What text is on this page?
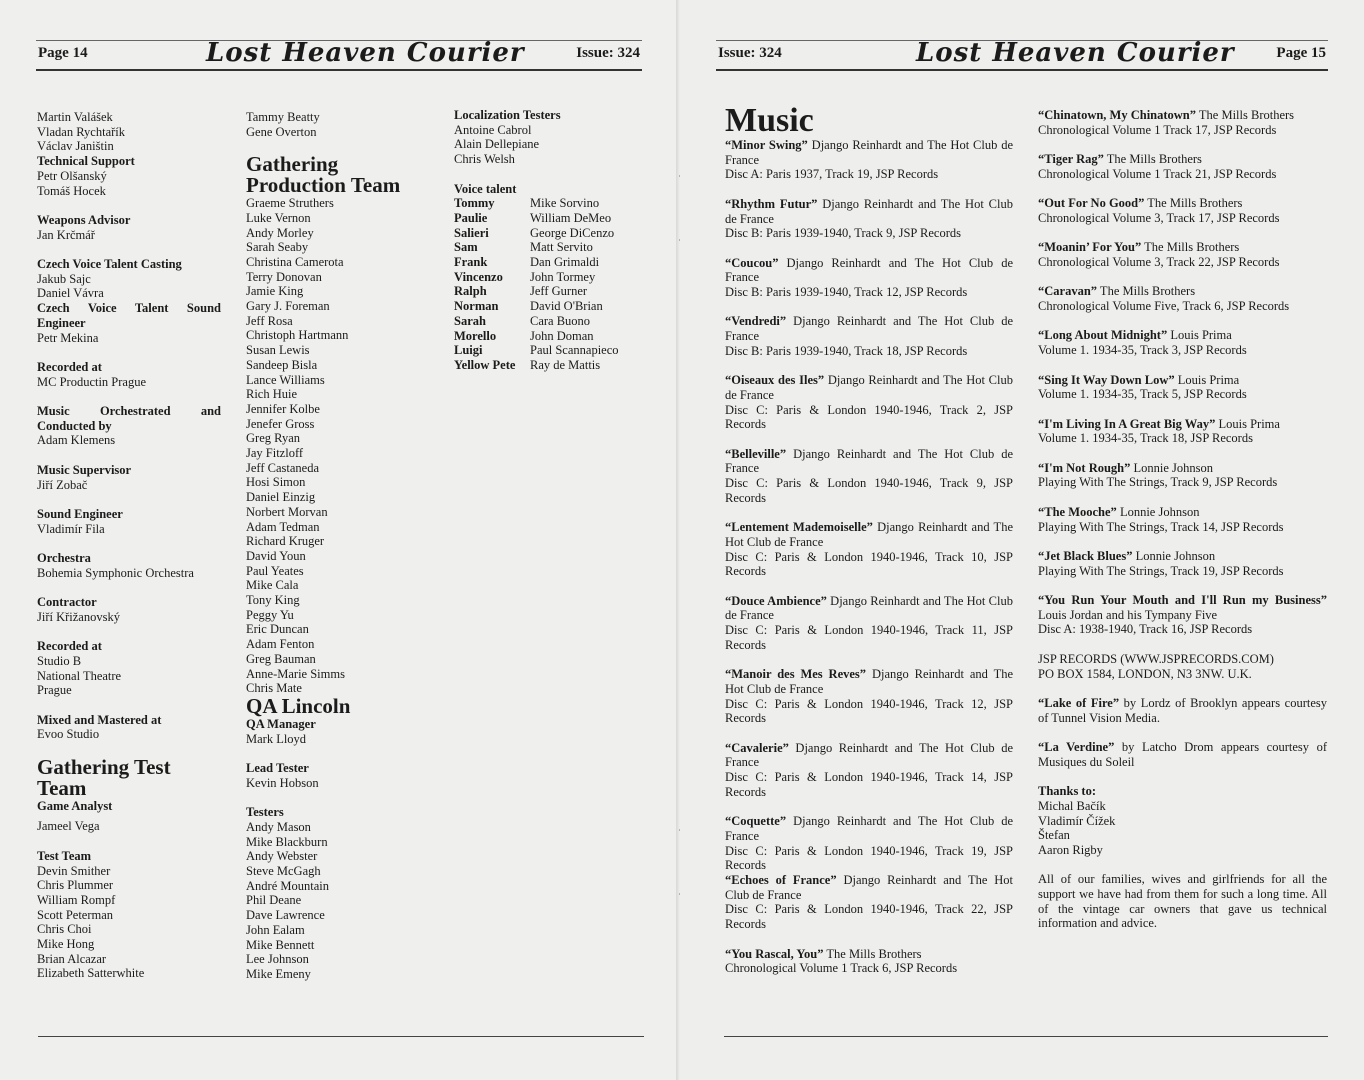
Page 14	Lost Heaven Courier	Issue: 324

Martin Valášek

Vladan Rychtařík

Václav Janištin

Technical Support

Petr Olšanský

Tomáš Hocek

Weapons Advisor

Jan Krčmář

Czech Voice Talent Casting

Jakub Sajc

Daniel Vávra

Czech Voice Talent Sound Engineer

Petr Mekina

Recorded at

MC Productin Prague

Music Orchestrated and Conducted by

Adam Klemens

Music Supervisor

Jiří Zobač

Sound Engineer

Vladimír Fila

Orchestra

Bohemia Symphonic Orchestra

Contractor

Jiří Křižanovský

Recorded at

Studio B

National Theatre

Prague

Mixed and Mastered at

Evoo Studio

Gathering Test Team

Game Analyst

Jameel Vega

Test Team

Devin Smither

Chris Plummer

William Rompf

Scott Peterman

Chris Choi

Mike Hong

Brian Alcazar

Elizabeth Satterwhite

Tammy Beatty

Gene Overton

Gathering Production Team

Graeme Struthers

Luke Vernon

Andy Morley

Sarah Seaby

Christina Camerota

Terry Donovan

Jamie King

Gary J. Foreman

Jeff Rosa

Christoph Hartmann

Susan Lewis

Sandeep Bisla

Lance Williams

Rich Huie

Jennifer Kolbe

Jenefer Gross

Greg Ryan

Jay Fitzloff

Jeff Castaneda

Hosi Simon

Daniel Einzig

Norbert Morvan

Adam Tedman

Richard Kruger

David Youn

Paul Yeates

Mike Cala

Tony King

Peggy Yu

Eric Duncan

Adam Fenton

Greg Bauman

Anne-Marie Simms

Chris Mate

QA Lincoln

QA Manager

Mark Lloyd

Lead Tester

Kevin Hobson

Testers

Andy Mason

Mike Blackburn

Andy Webster

Steve McGagh

André Mountain

Phil Deane

Dave Lawrence

John Ealam

Mike Bennett

Lee Johnson

Mike Emeny

Localization Testers

Antoine Cabrol

Alain Dellepiane

Chris Welsh

Voice talent

Tommy	Mike Sorvino
Paulie	William DeMeo
Salieri	George DiCenzo
Sam	Matt Servito
Frank	Dan Grimaldi
Vincenzo	John Tormey
Ralph	Jeff Gurner
Norman	David O'Brian
Sarah	Cara Buono
Morello	John Doman
Luigi	Paul Scannapieco
Yellow Pete	Ray de Mattis
Issue: 324	Lost Heaven Courier	Page 15

Music

“Minor Swing” Django Reinhardt and The Hot Club de France

Disc A: Paris 1937, Track 19, JSP Records

“Rhythm Futur” Django Reinhardt and The Hot Club de France

Disc B: Paris 1939-1940, Track 9, JSP Records

“Coucou” Django Reinhardt and The Hot Club de France

Disc B: Paris 1939-1940, Track 12, JSP Records

“Vendredi” Django Reinhardt and The Hot Club de France

Disc B: Paris 1939-1940, Track 18, JSP Records

“Oiseaux des Iles” Django Reinhardt and The Hot Club de France

Disc C: Paris & London 1940-1946, Track 2, JSP Records

“Belleville” Django Reinhardt and The Hot Club de France

Disc C: Paris & London 1940-1946, Track 9, JSP Records

“Lentement Mademoiselle” Django Reinhardt and The Hot Club de France

Disc C: Paris & London 1940-1946, Track 10, JSP Records

“Douce Ambience” Django Reinhardt and The Hot Club de France

Disc C: Paris & London 1940-1946, Track 11, JSP Records

“Manoir des Mes Reves” Django Reinhardt and The Hot Club de France

Disc C: Paris & London 1940-1946, Track 12, JSP Records

“Cavalerie” Django Reinhardt and The Hot Club de France

Disc C: Paris & London 1940-1946, Track 14, JSP Records

“Coquette” Django Reinhardt and The Hot Club de France

Disc C: Paris & London 1940-1946, Track 19, JSP Records

“Echoes of France” Django Reinhardt and The Hot Club de France

Disc C: Paris & London 1940-1946, Track 22, JSP Records

“You Rascal, You” The Mills Brothers

Chronological Volume 1 Track 6, JSP Records

“Chinatown, My Chinatown” The Mills Brothers

Chronological Volume 1 Track 17, JSP Records

“Tiger Rag” The Mills Brothers

Chronological Volume 1 Track 21, JSP Records

“Out For No Good” The Mills Brothers

Chronological Volume 3, Track 17, JSP Records

“Moanin’ For You” The Mills Brothers

Chronological Volume 3, Track 22, JSP Records

“Caravan” The Mills Brothers

Chronological Volume Five, Track 6, JSP Records

“Long About Midnight” Louis Prima

Volume 1. 1934-35, Track 3, JSP Records

“Sing It Way Down Low” Louis Prima

Volume 1. 1934-35, Track 5, JSP Records

“I'm Living In A Great Big Way” Louis Prima

Volume 1. 1934-35, Track 18, JSP Records

“I'm Not Rough” Lonnie Johnson

Playing With The Strings, Track 9, JSP Records

“The Mooche” Lonnie Johnson

Playing With The Strings, Track 14, JSP Records

“Jet Black Blues” Lonnie Johnson

Playing With The Strings, Track 19, JSP Records

“You Run Your Mouth and I'll Run my Business” Louis Jordan and his Tympany Five

Disc A: 1938-1940, Track 16, JSP Records

JSP RECORDS (WWW.JSPRECORDS.COM)

PO BOX 1584, LONDON, N3 3NW. U.K.

“Lake of Fire” by Lordz of Brooklyn appears courtesy of Tunnel Vision Media.

“La Verdine” by Latcho Drom appears courtesy of Musiques du Soleil

Thanks to:

Michal Bačík

Vladimír Čížek

Štefan

Aaron Rigby

All of our families, wives and girlfriends for all the support we have had from them for such a long time. All of the vintage car owners that gave us technical information and advice.
